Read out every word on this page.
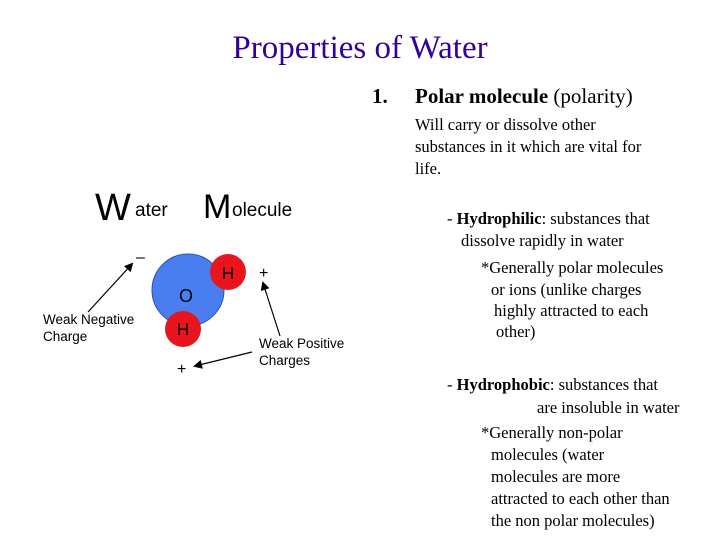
Properties of Water
1. Polar molecule (polarity)
Will carry or dissolve other
substances in it which are vital for
life.
- Hydrophilic: substances that
dissolve rapidly in water
*Generally polar molecules
or ions (unlike charges
highly attracted to each
other)
- Hydrophobic: substances that
are insoluble in water
*Generally non-polar
molecules (water
molecules are more
attracted to each other than
the non polar molecules)
W ater M olecule
O
H
H
–
+
+
Weak Negative
Charge	Weak Positive
Charges
